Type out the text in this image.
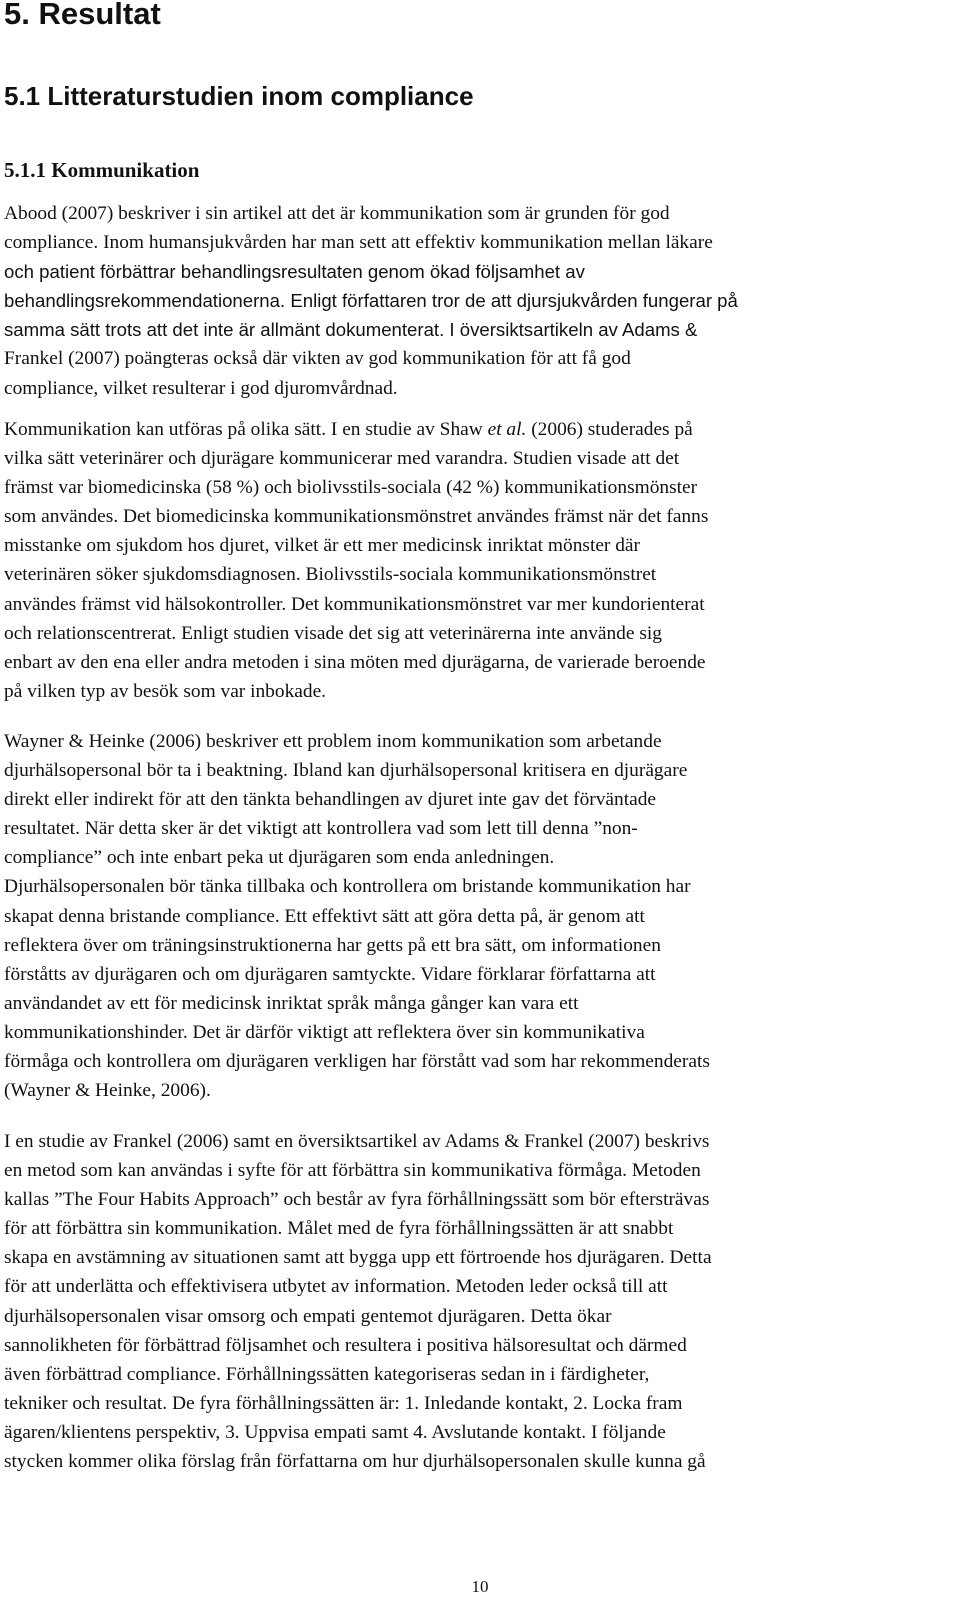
5. Resultat
5.1 Litteraturstudien inom compliance
5.1.1 Kommunikation
Abood (2007) beskriver i sin artikel att det är kommunikation som är grunden för god
compliance. Inom humansjukvården har man sett att effektiv kommunikation mellan läkare
och patient förbättrar behandlingsresultaten genom ökad följsamhet av
behandlingsrekommendationerna. Enligt författaren tror de att djursjukvården fungerar på
samma sätt trots att det inte är allmänt dokumenterat. I översiktsartikeln av Adams &
Frankel (2007) poängteras också där vikten av god kommunikation för att få god
compliance, vilket resulterar i god djuromvårdnad.
Kommunikation kan utföras på olika sätt. I en studie av Shaw et al. (2006) studerades på
vilka sätt veterinärer och djurägare kommunicerar med varandra. Studien visade att det
främst var biomedicinska (58 %) och biolivsstils-sociala (42 %) kommunikationsmönster
som användes. Det biomedicinska kommunikationsmönstret användes främst när det fanns
misstanke om sjukdom hos djuret, vilket är ett mer medicinsk inriktat mönster där
veterinären söker sjukdomsdiagnosen. Biolivsstils-sociala kommunikationsmönstret
användes främst vid hälsokontroller. Det kommunikationsmönstret var mer kundorienterat
och relationscentrerat. Enligt studien visade det sig att veterinärerna inte använde sig
enbart av den ena eller andra metoden i sina möten med djurägarna, de varierade beroende
på vilken typ av besök som var inbokade.
Wayner & Heinke (2006) beskriver ett problem inom kommunikation som arbetande
djurhälsopersonal bör ta i beaktning. Ibland kan djurhälsopersonal kritisera en djurägare
direkt eller indirekt för att den tänkta behandlingen av djuret inte gav det förväntade
resultatet. När detta sker är det viktigt att kontrollera vad som lett till denna ”non-
compliance” och inte enbart peka ut djurägaren som enda anledningen.
Djurhälsopersonalen bör tänka tillbaka och kontrollera om bristande kommunikation har
skapat denna bristande compliance. Ett effektivt sätt att göra detta på, är genom att
reflektera över om träningsinstruktionerna har getts på ett bra sätt, om informationen
förståtts av djurägaren och om djurägaren samtyckte. Vidare förklarar författarna att
användandet av ett för medicinsk inriktat språk många gånger kan vara ett
kommunikationshinder. Det är därför viktigt att reflektera över sin kommunikativa
förmåga och kontrollera om djurägaren verkligen har förstått vad som har rekommenderats
(Wayner & Heinke, 2006).
I en studie av Frankel (2006) samt en översiktsartikel av Adams & Frankel (2007) beskrivs
en metod som kan användas i syfte för att förbättra sin kommunikativa förmåga. Metoden
kallas ”The Four Habits Approach” och består av fyra förhållningssätt som bör eftersträvas
för att förbättra sin kommunikation. Målet med de fyra förhållningssätten är att snabbt
skapa en avstämning av situationen samt att bygga upp ett förtroende hos djurägaren. Detta
för att underlätta och effektivisera utbytet av information. Metoden leder också till att
djurhälsopersonalen visar omsorg och empati gentemot djurägaren. Detta ökar
sannolikheten för förbättrad följsamhet och resultera i positiva hälsoresultat och därmed
även förbättrad compliance. Förhållningssätten kategoriseras sedan in i färdigheter,
tekniker och resultat. De fyra förhållningssätten är: 1. Inledande kontakt, 2. Locka fram
ägaren/klientens perspektiv, 3. Uppvisa empati samt 4. Avslutande kontakt. I följande
stycken kommer olika förslag från författarna om hur djurhälsopersonalen skulle kunna gå
10
